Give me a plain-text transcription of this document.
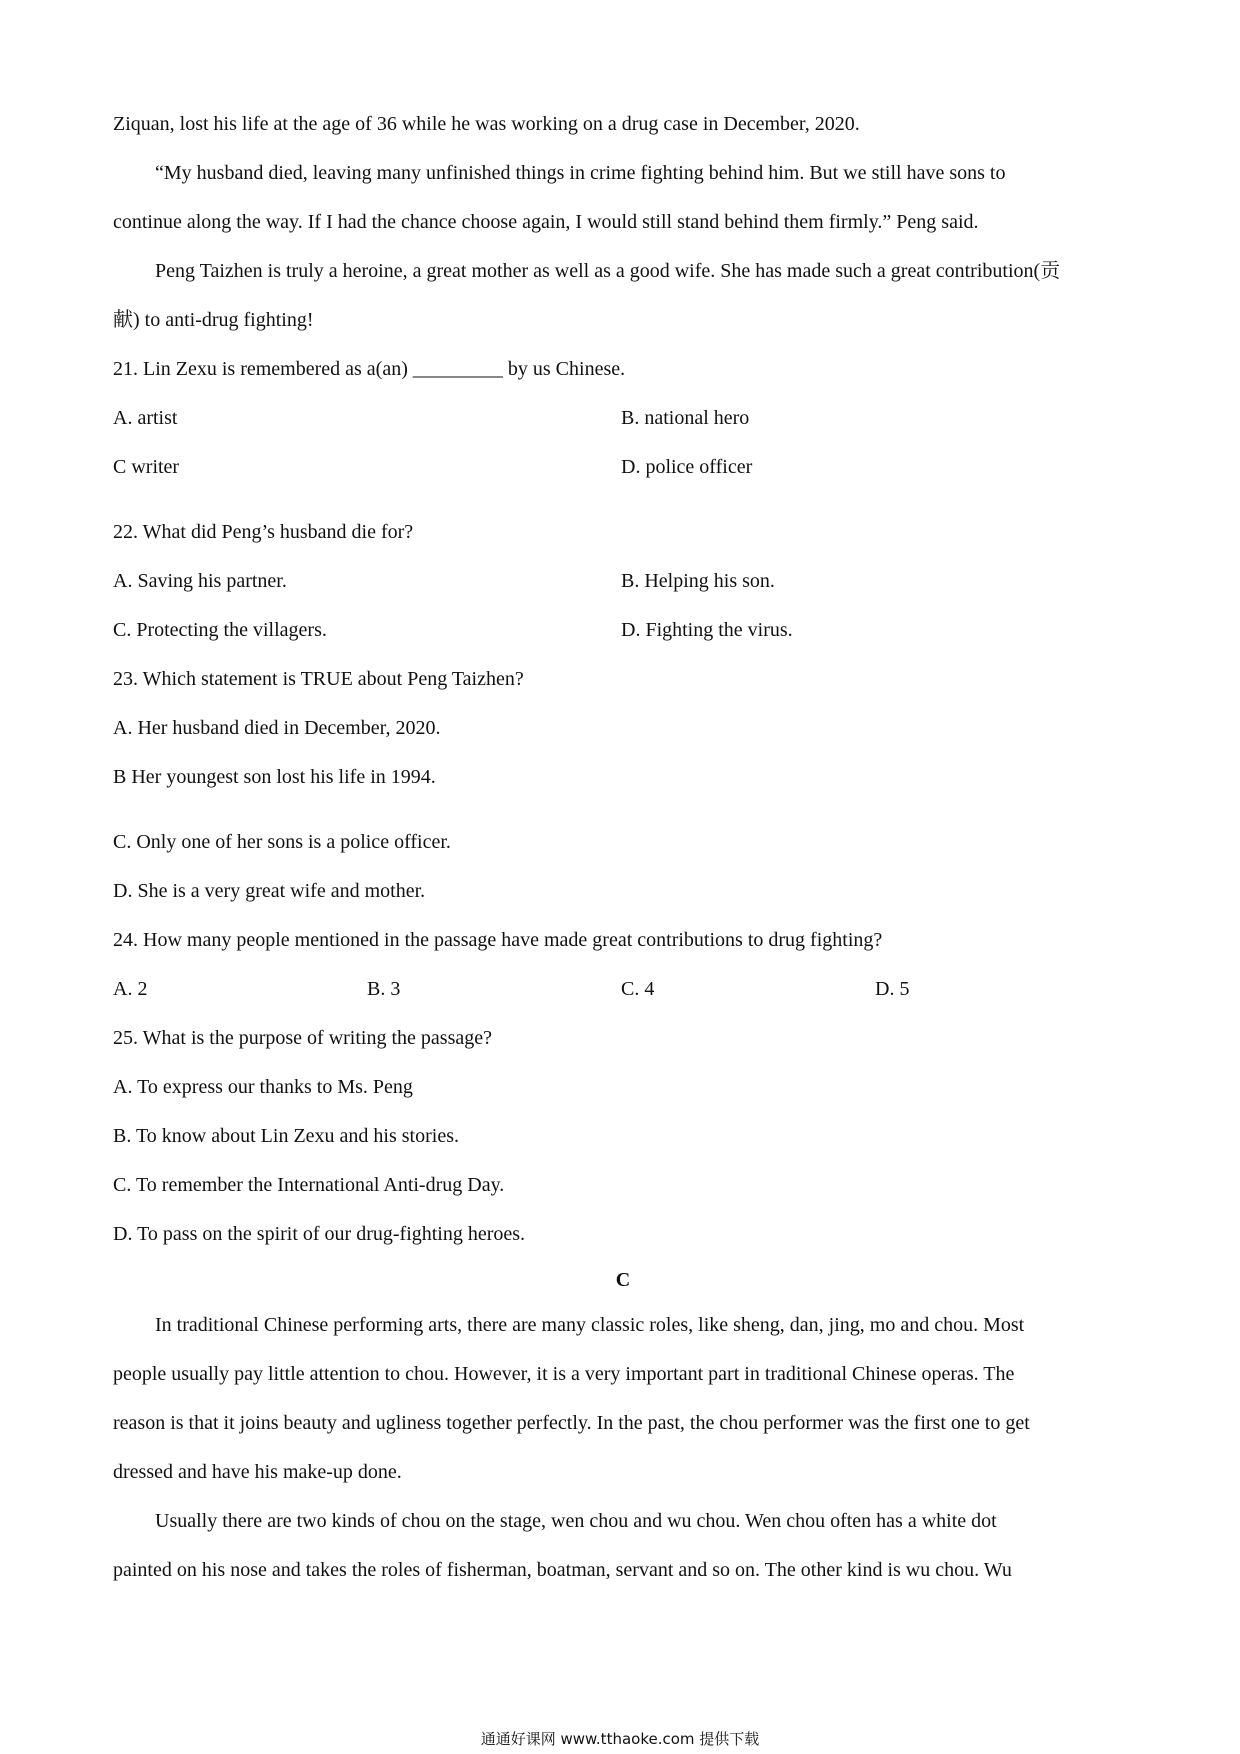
Ziquan, lost his life at the age of 36 while he was working on a drug case in December, 2020.
“My husband died, leaving many unfinished things in crime fighting behind him. But we still have sons to
continue along the way. If I had the chance choose again, I would still stand behind them firmly.” Peng said.
Peng Taizhen is truly a heroine, a great mother as well as a good wife. She has made such a great contribution(贡
献) to anti-drug fighting!
21. Lin Zexu is remembered as a(an) _________ by us Chinese.
A. artist	B. national hero
C writer	D. police officer
22. What did Peng’s husband die for?
A. Saving his partner.	B. Helping his son.
C. Protecting the villagers.	D. Fighting the virus.
23. Which statement is TRUE about Peng Taizhen?
A. Her husband died in December, 2020.
B Her youngest son lost his life in 1994.
C. Only one of her sons is a police officer.
D. She is a very great wife and mother.
24. How many people mentioned in the passage have made great contributions to drug fighting?
A. 2	B. 3	C. 4	D. 5
25. What is the purpose of writing the passage?
A. To express our thanks to Ms. Peng
B. To know about Lin Zexu and his stories.
C. To remember the International Anti-drug Day.
D. To pass on the spirit of our drug-fighting heroes.
C
In traditional Chinese performing arts, there are many classic roles, like sheng, dan, jing, mo and chou. Most
people usually pay little attention to chou. However, it is a very important part in traditional Chinese operas. The
reason is that it joins beauty and ugliness together perfectly. In the past, the chou performer was the first one to get
dressed and have his make-up done.
Usually there are two kinds of chou on the stage, wen chou and wu chou. Wen chou often has a white dot
painted on his nose and takes the roles of fisherman, boatman, servant and so on. The other kind is wu chou. Wu
通通好课网 www.tthaoke.com 提供下载
